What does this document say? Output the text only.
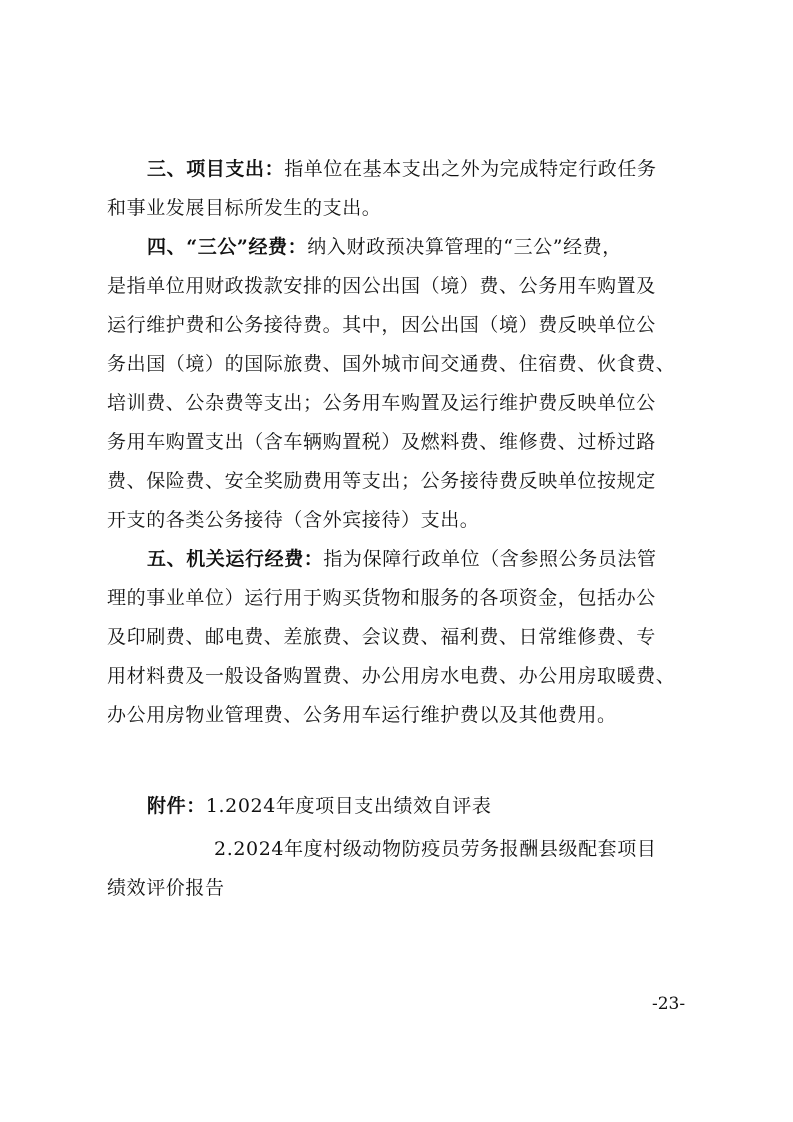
三、项目支出：指单位在基本支出之外为完成特定行政任务
和事业发展目标所发生的支出。
四、“三公”经费：纳入财政预决算管理的“三公”经费，
是指单位用财政拨款安排的因公出国（境）费、公务用车购置及
运行维护费和公务接待费。其中，因公出国（境）费反映单位公
务出国（境）的国际旅费、国外城市间交通费、住宿费、伙食费、
培训费、公杂费等支出；公务用车购置及运行维护费反映单位公
务用车购置支出（含车辆购置税）及燃料费、维修费、过桥过路
费、保险费、安全奖励费用等支出；公务接待费反映单位按规定
开支的各类公务接待（含外宾接待）支出。
五、机关运行经费：指为保障行政单位（含参照公务员法管
理的事业单位）运行用于购买货物和服务的各项资金，包括办公
及印刷费、邮电费、差旅费、会议费、福利费、日常维修费、专
用材料费及一般设备购置费、办公用房水电费、办公用房取暖费、
办公用房物业管理费、公务用车运行维护费以及其他费用。
附件：1.2024年度项目支出绩效自评表
2.2024年度村级动物防疫员劳务报酬县级配套项目
绩效评价报告
-23-
